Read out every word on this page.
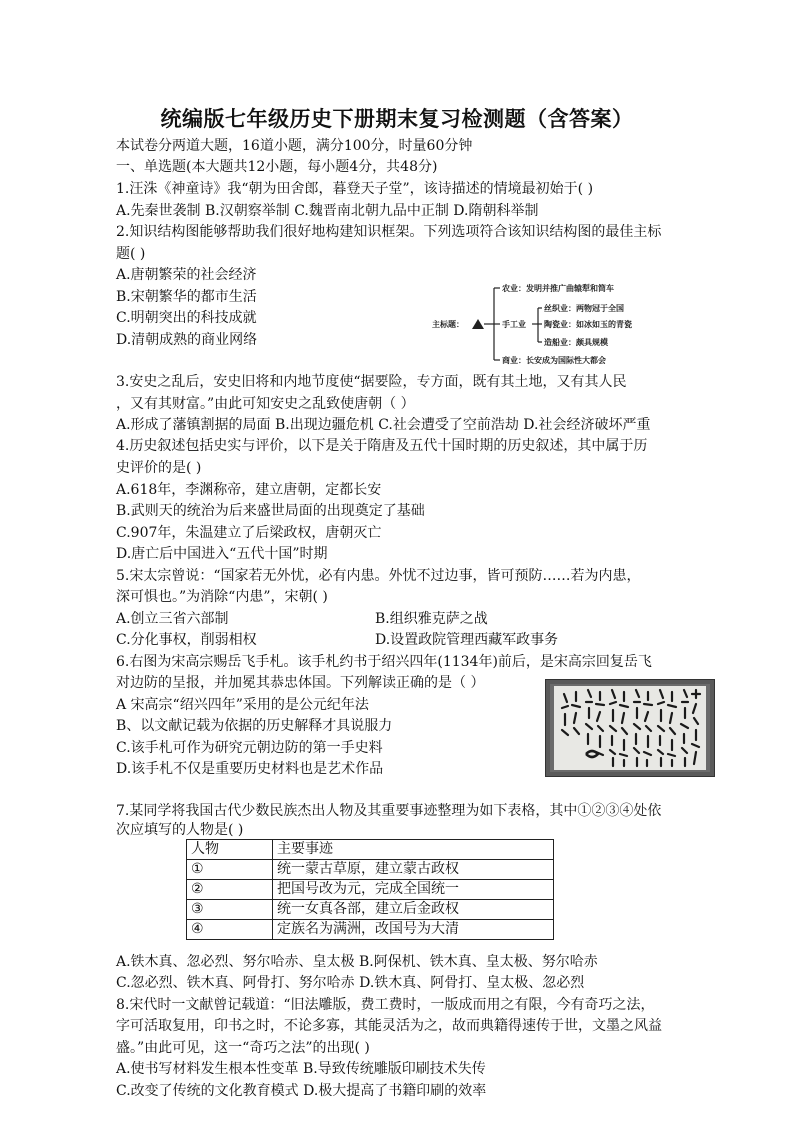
统编版七年级历史下册期末复习检测题（含答案）
本试卷分两道大题，16道小题，满分100分，时量60分钟
一、单选题(本大题共12小题，每小题4分，共48分)
1.汪洙《神童诗》我“朝为田舍郎，暮登天子堂”，该诗描述的情境最初始于( )
A.先秦世袭制 B.汉朝察举制 C.魏晋南北朝九品中正制 D.隋朝科举制
2.知识结构图能够帮助我们很好地构建知识框架。下列选项符合该知识结构图的最佳主标
题( )
A.唐朝繁荣的社会经济
B.宋朝繁华的都市生活
C.明朝突出的科技成就
D.清朝成熟的商业网络
主标题：
农业：发明并推广曲辕犁和筒车
手工业
丝织业：两物冠于全国
陶瓷业：如冰如玉的青瓷
造船业：颇具规模
商业：长安成为国际性大都会
3.安史之乱后，安史旧将和内地节度使“据要险，专方面，既有其土地，又有其人民
，又有其财富。”由此可知安史之乱致使唐朝（ ）
A.形成了藩镇割据的局面 B.出现边疆危机 C.社会遭受了空前浩劫 D.社会经济破坏严重
4.历史叙述包括史实与评价，以下是关于隋唐及五代十国时期的历史叙述，其中属于历
史评价的是( )
A.618年，李渊称帝，建立唐朝，定都长安
B.武则天的统治为后来盛世局面的出现奠定了基础
C.907年，朱温建立了后梁政权，唐朝灭亡
D.唐亡后中国进入“五代十国”时期
5.宋太宗曾说：“国家若无外忧，必有内患。外忧不过边事，皆可预防……若为内患，
深可惧也。”为消除“内患”，宋朝( )
A.创立三省六部制	B.组织雅克萨之战
C.分化事权，削弱相权	D.设置政院管理西藏军政事务
6.右图为宋高宗赐岳飞手札。该手札约书于绍兴四年(1134年)前后，是宋高宗回复岳飞
对边防的呈报，并加冕其恭忠体国。下列解读正确的是（ ）
A 宋高宗“绍兴四年”采用的是公元纪年法
B、以文献记载为依据的历史解释才具说服力
C.该手札可作为研究元朝边防的第一手史料
D.该手札不仅是重要历史材料也是艺术作品
7.某同学将我国古代少数民族杰出人物及其重要事迹整理为如下表格，其中①②③④处依
次应填写的人物是( )
人物	主要事迹
①	统一蒙古草原，建立蒙古政权
②	把国号改为元，完成全国统一
③	统一女真各部，建立后金政权
④	定族名为满洲，改国号为大清
A.铁木真、忽必烈、努尔哈赤、皇太极 B.阿保机、铁木真、皇太极、努尔哈赤
C.忽必烈、铁木真、阿骨打、努尔哈赤 D.铁木真、阿骨打、皇太极、忽必烈
8.宋代时一文献曾记载道：“旧法雕版，费工费时，一版成而用之有限，今有奇巧之法，
字可活取复用，印书之时，不论多寡，其能灵活为之，故而典籍得速传于世，文墨之风益
盛。”由此可见，这一“奇巧之法”的出现( )
A.使书写材料发生根本性变革 B.导致传统雕版印刷技术失传
C.改变了传统的文化教育模式 D.极大提高了书籍印刷的效率
